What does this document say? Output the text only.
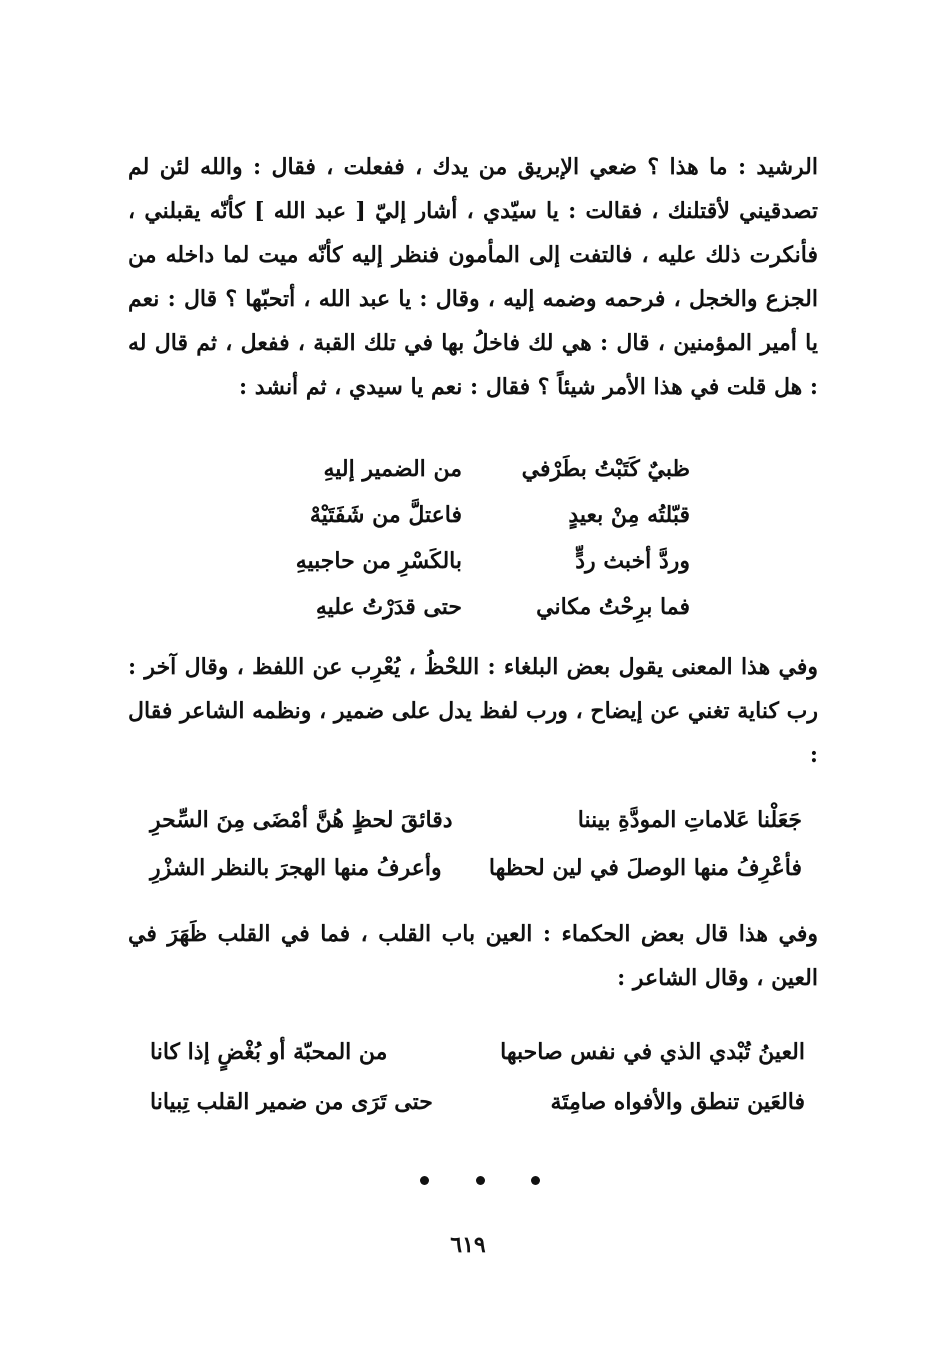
الرشيد : ما هذا ؟ ضعي الإبريق من يدك ، ففعلت ، فقال : والله لئن لم تصدقيني لأقتلنك ، فقالت : يا سيّدي ، أشار إليّ [ عبد الله ] كأنّه يقبلني ، فأنكرت ذلك عليه ، فالتفت إلى المأمون فنظر إليه كأنّه ميت لما داخله من الجزع والخجل ، فرحمه وضمه إليه ، وقال : يا عبد الله ، أتحبّها ؟ قال : نعم يا أمير المؤمنين ، قال : هي لك فاخلُ بها في تلك القبة ، ففعل ، ثم قال له : هل قلت في هذا الأمر شيئاً ؟ فقال : نعم يا سيدي ، ثم أنشد :

ظبيٌ كَتَبْتُ بطَرْفي
من الضمير إليهِ
قبّلتُه مِنْ بعيدٍ
فاعتلَّ من شَفَتَيْهْ
وردَّ أخبث ردٍّ
بالكَسْرِ من حاجبيهِ
فما برِحْتُ مكاني
حتى قدَرْتُ عليهِ

وفي هذا المعنى يقول بعض البلغاء : اللحْظُ ، يُعْرِب عن اللفظ ، وقال آخر : رب كناية تغني عن إيضاح ، ورب لفظ يدل على ضمير ، ونظمه الشاعر فقال :

جَعَلْنا عَلاماتِ المودَّةِ بيننا
دقائقَ لحظٍ هُنَّ أمْضَى مِنَ السِّحرِ
فأعْرِفُ منها الوصلَ في لين لحظها
وأعرفُ منها الهجرَ بالنظر الشزْرِ

وفي هذا قال بعض الحكماء : العين باب القلب ، فما في القلب ظَهَرَ في العين ، وقال الشاعر :

العينُ تُبْدي الذي في نفس صاحبها
من المحبّة أو بُغْضٍ إذا كانا
فالعَين تنطق والأفواه صامِتَة
حتى تَرَى من ضمير القلب تِبيانا
٦١٩
